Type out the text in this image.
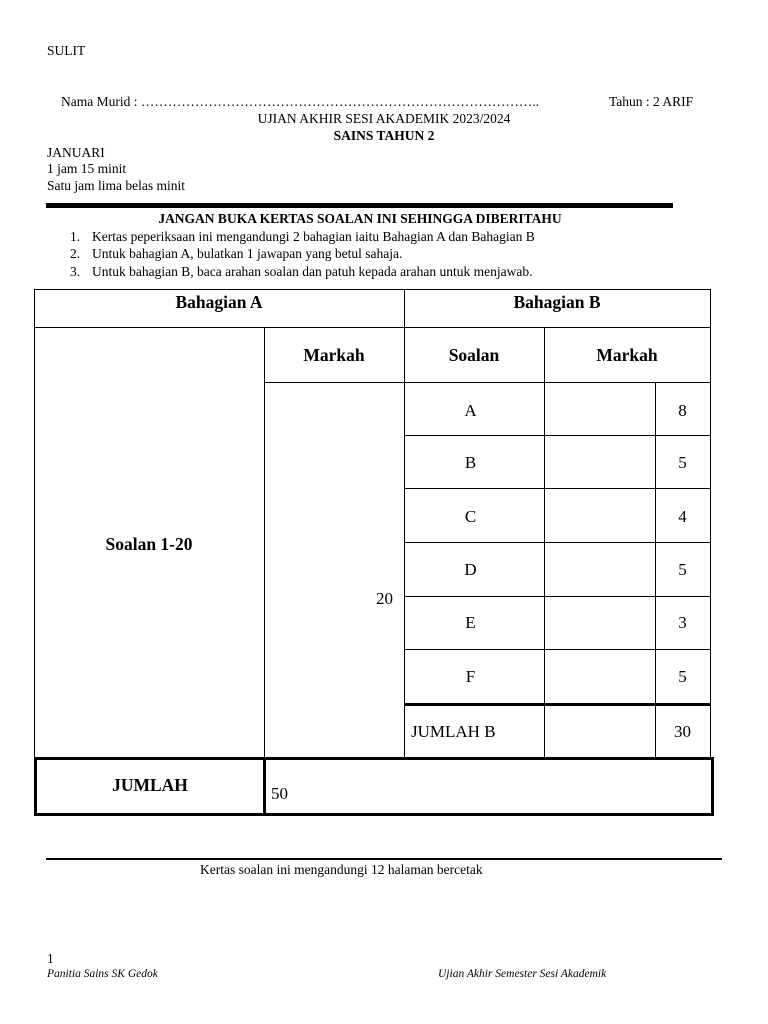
SULIT
Nama Murid : ……………………………………………………………………………..	Tahun : 2 ARIF
UJIAN AKHIR SESI AKADEMIK 2023/2024
SAINS TAHUN 2
JANUARI
1 jam 15 minit
Satu jam lima belas minit
JANGAN BUKA KERTAS SOALAN INI SEHINGGA DIBERITAHU
1. Kertas peperiksaan ini mengandungi 2 bahagian iaitu Bahagian A dan Bahagian B
2. Untuk bahagian A, bulatkan 1 jawapan yang betul sahaja.
3. Untuk bahagian B, baca arahan soalan dan patuh kepada arahan untuk menjawab.
Bahagian A	Bahagian B
Markah	Soalan	Markah
Soalan 1-20
20
A	8
B	5
C	4
D	5
E	3
F	5
JUMLAH B	30
JUMLAH	50
Kertas soalan ini mengandungi 12 halaman bercetak
1
Panitia Sains SK Gedok	Ujian Akhir Semester Sesi Akademik
